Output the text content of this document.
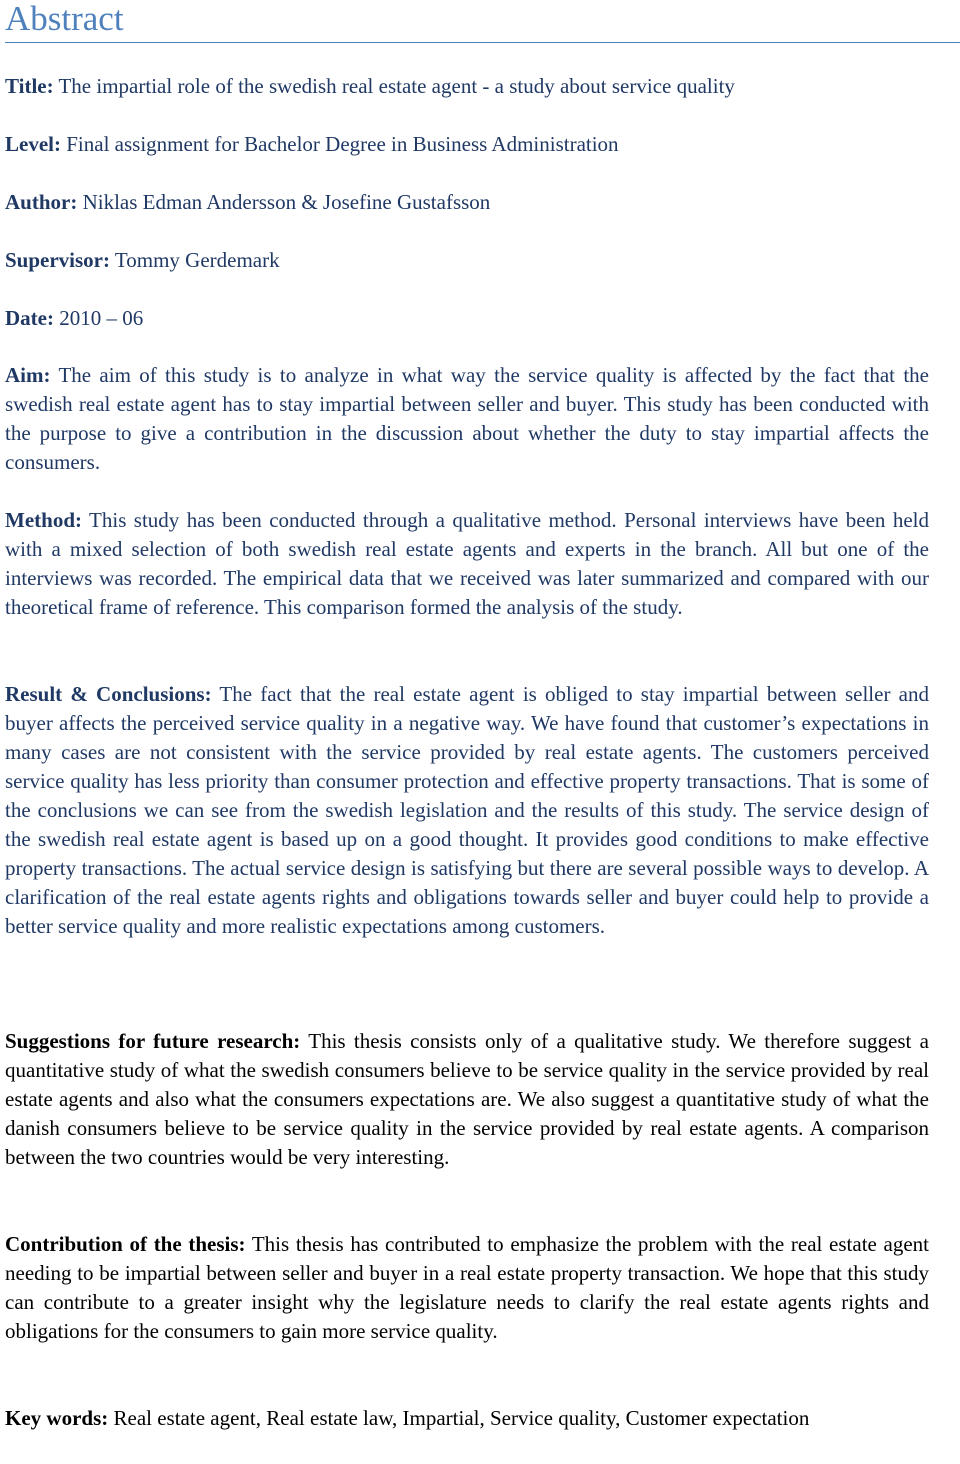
Abstract

Title: The impartial role of the swedish real estate agent - a study about service quality

Level: Final assignment for Bachelor Degree in Business Administration

Author: Niklas Edman Andersson & Josefine Gustafsson

Supervisor: Tommy Gerdemark

Date: 2010 – 06

Aim: The aim of this study is to analyze in what way the service quality is affected by the fact that the swedish real estate agent has to stay impartial between seller and buyer. This study has been conducted with the purpose to give a contribution in the discussion about whether the duty to stay impartial affects the consumers.

Method: This study has been conducted through a qualitative method. Personal interviews have been held with a mixed selection of both swedish real estate agents and experts in the branch. All but one of the interviews was recorded. The empirical data that we received was later summarized and compared with our theoretical frame of reference. This comparison formed the analysis of the study.

Result & Conclusions: The fact that the real estate agent is obliged to stay impartial between seller and buyer affects the perceived service quality in a negative way. We have found that customer’s expectations in many cases are not consistent with the service provided by real estate agents. The customers perceived service quality has less priority than consumer protection and effective property transactions. That is some of the conclusions we can see from the swedish legislation and the results of this study. The service design of the swedish real estate agent is based up on a good thought. It provides good conditions to make effective property transactions. The actual service design is satisfying but there are several possible ways to develop. A clarification of the real estate agents rights and obligations towards seller and buyer could help to provide a better service quality and more realistic expectations among customers.

Suggestions for future research: This thesis consists only of a qualitative study. We therefore suggest a quantitative study of what the swedish consumers believe to be service quality in the service provided by real estate agents and also what the consumers expectations are. We also suggest a quantitative study of what the danish consumers believe to be service quality in the service provided by real estate agents. A comparison between the two countries would be very interesting.

Contribution of the thesis: This thesis has contributed to emphasize the problem with the real estate agent needing to be impartial between seller and buyer in a real estate property transaction. We hope that this study can contribute to a greater insight why the legislature needs to clarify the real estate agents rights and obligations for the consumers to gain more service quality.

Key words: Real estate agent, Real estate law, Impartial, Service quality, Customer expectation
